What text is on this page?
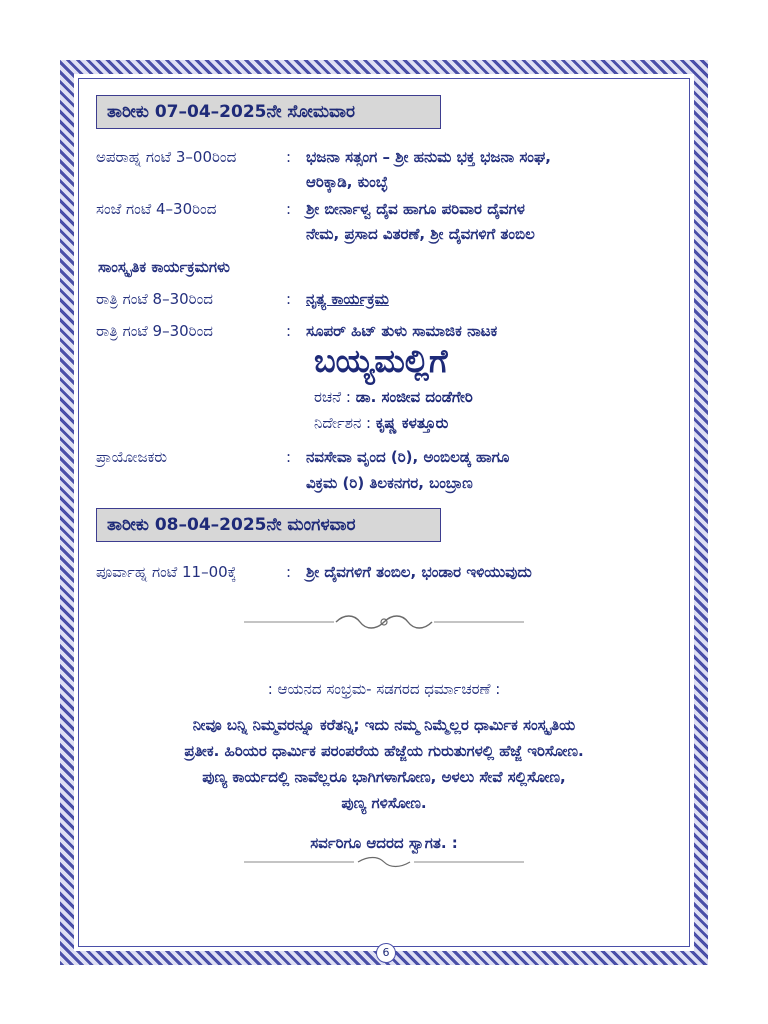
ತಾರೀಕು 07–04–2025ನೇ ಸೋಮವಾರ
ಅಪರಾಹ್ನ ಗಂಟೆ 3–00ರಿಂದ	: ಭಜನಾ ಸತ್ಸಂಗ – ಶ್ರೀ ಹನುಮ ಭಕ್ತ ಭಜನಾ ಸಂಘ,
ಆರಿಕ್ಕಾಡಿ, ಕುಂಬ್ಳೆ
ಸಂಜೆ ಗಂಟೆ 4–30ರಿಂದ	: ಶ್ರೀ ಬೀರ್ನಾಳ್ವ ದೈವ ಹಾಗೂ ಪರಿವಾರ ದೈವಗಳ
ನೇಮ, ಪ್ರಸಾದ ವಿತರಣೆ, ಶ್ರೀ ದೈವಗಳಿಗೆ ತಂಬಿಲ
ಸಾಂಸ್ಕೃತಿಕ ಕಾರ್ಯಕ್ರಮಗಳು
ರಾತ್ರಿ ಗಂಟೆ 8–30ರಿಂದ	: ನೃತ್ಯ ಕಾರ್ಯಕ್ರಮ
ರಾತ್ರಿ ಗಂಟೆ 9–30ರಿಂದ	: ಸೂಪರ್ ಹಿಟ್ ತುಳು ಸಾಮಾಜಿಕ ನಾಟಕ
ಬಯ್ಯಮಲ್ಲಿಗೆ
ರಚನೆ : ಡಾ. ಸಂಜೀವ ದಂಡೆಗೇರಿ
ನಿರ್ದೇಶನ : ಕೃಷ್ಣ ಕಳತ್ತೂರು
ಪ್ರಾಯೋಜಕರು	: ನವಸೇವಾ ವೃಂದ (ರಿ), ಅಂಬಿಲಡ್ಕ ಹಾಗೂ
ವಿಕ್ರಮ (ರಿ) ತಿಲಕನಗರ, ಬಂಬ್ರಾಣ
ತಾರೀಕು 08–04–2025ನೇ ಮಂಗಳವಾರ
ಪೂರ್ವಾಹ್ನ ಗಂಟೆ 11–00ಕ್ಕೆ	: ಶ್ರೀ ದೈವಗಳಿಗೆ ತಂಬಿಲ, ಭಂಡಾರ ಇಳಿಯುವುದು
: ಆಯನದ ಸಂಭ್ರಮ- ಸಡಗರದ ಧರ್ಮಾಚರಣೆ :
ನೀವೂ ಬನ್ನಿ ನಿಮ್ಮವರನ್ನೂ ಕರೆತನ್ನಿ; ಇದು ನಮ್ಮ ನಿಮ್ಮೆಲ್ಲರ ಧಾರ್ಮಿಕ ಸಂಸ್ಕೃತಿಯ
ಪ್ರತೀಕ. ಹಿರಿಯರ ಧಾರ್ಮಿಕ ಪರಂಪರೆಯ ಹೆಜ್ಜೆಯ ಗುರುತುಗಳಲ್ಲಿ ಹೆಜ್ಜೆ ಇರಿಸೋಣ.
ಪುಣ್ಯ ಕಾರ್ಯದಲ್ಲಿ ನಾವೆಲ್ಲರೂ ಭಾಗಿಗಳಾಗೋಣ, ಅಳಲು ಸೇವೆ ಸಲ್ಲಿಸೋಣ,
ಪುಣ್ಯ ಗಳಿಸೋಣ.
ಸರ್ವರಿಗೂ ಆದರದ ಸ್ವಾಗತ. :
6
